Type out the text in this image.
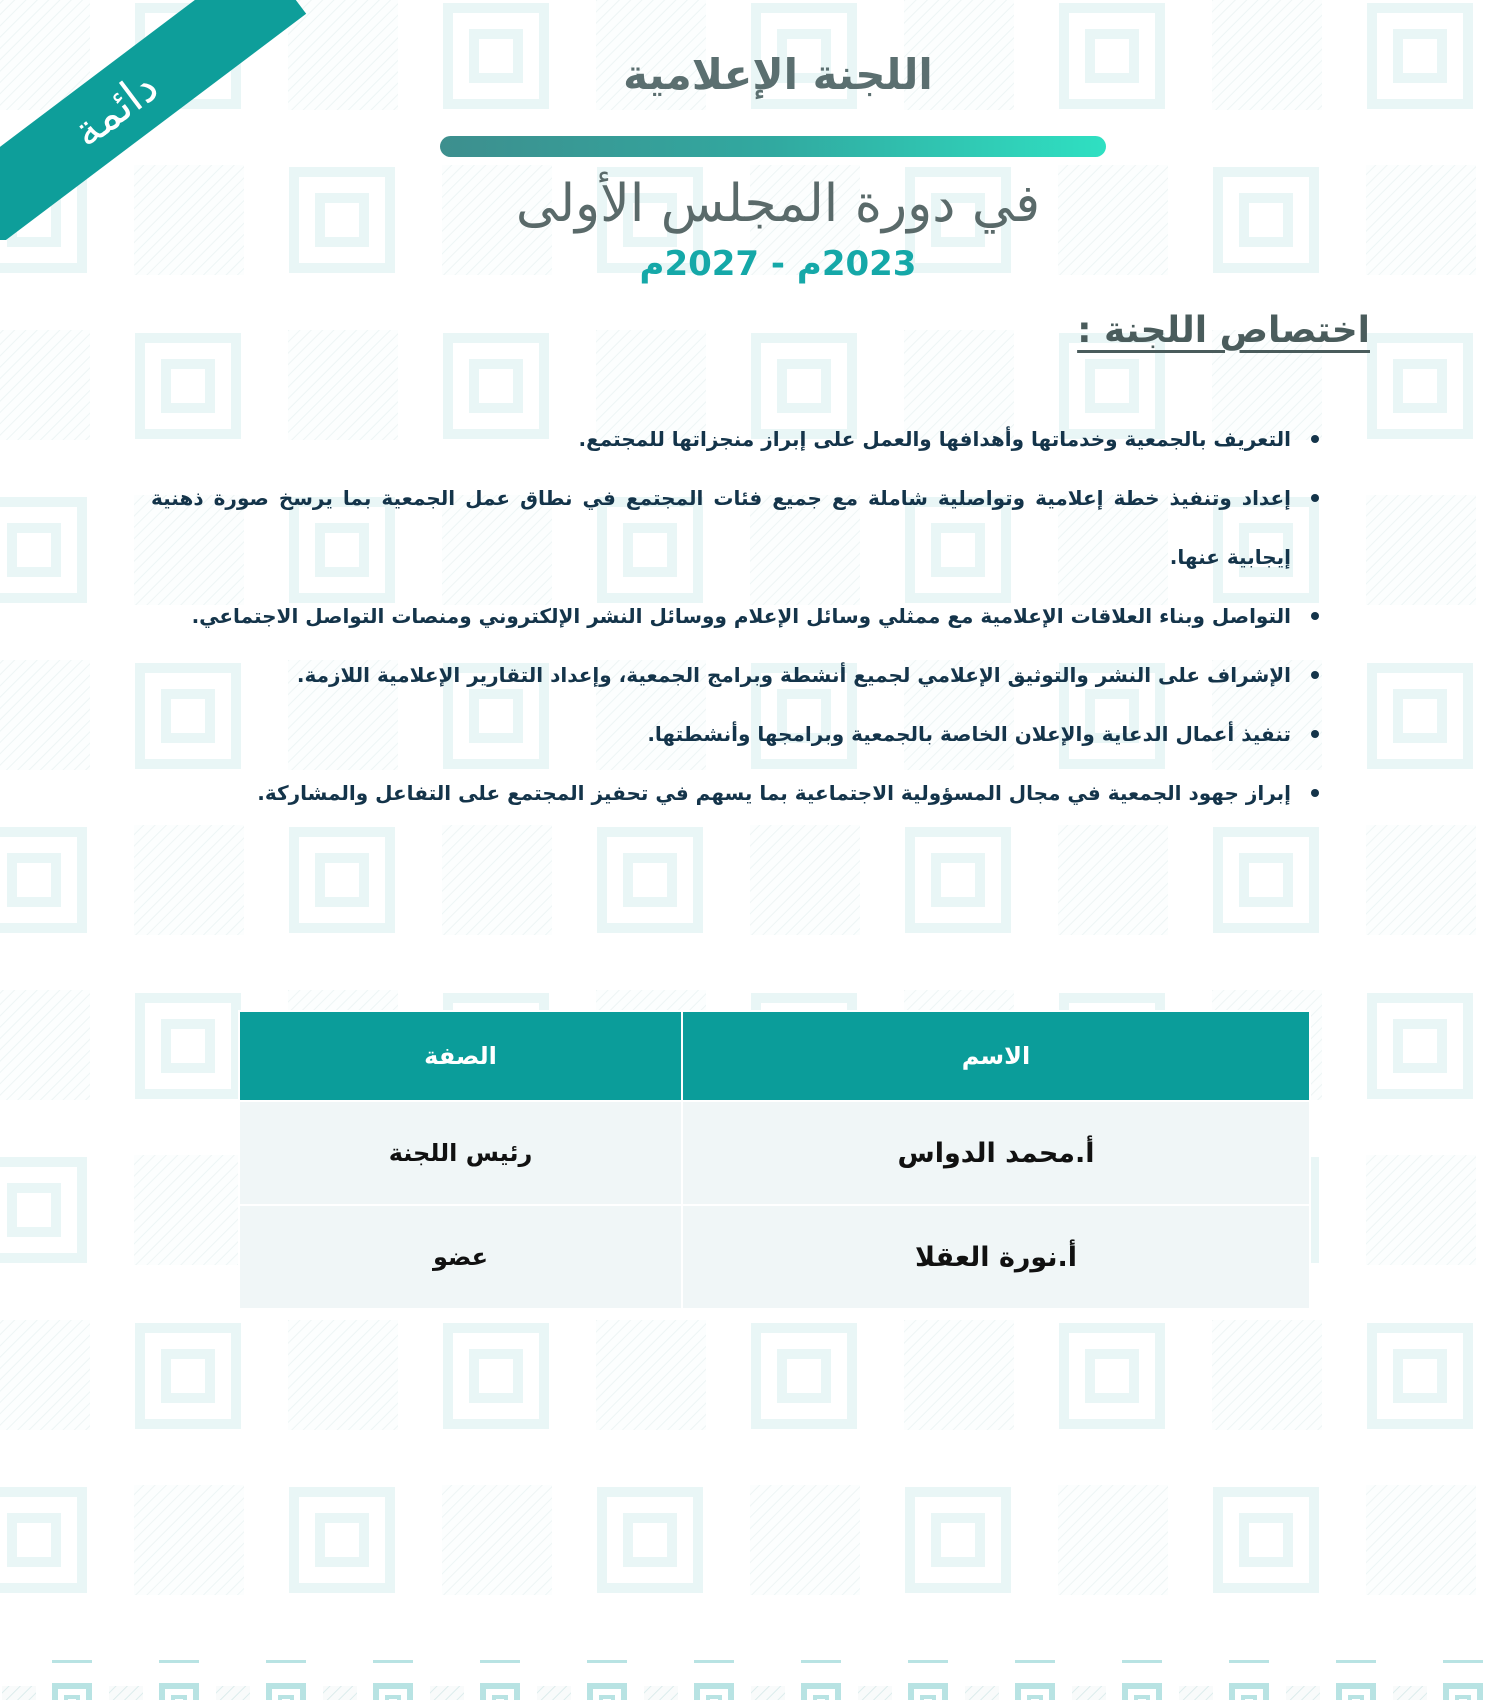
دائمة	اللجنة الإعلامية
في دورة المجلس الأولى
2023م - 2027م
اختصاص اللجنة :
التعريف بالجمعية وخدماتها وأهدافها والعمل على إبراز منجزاتها للمجتمع.
إعداد وتنفيذ خطة إعلامية وتواصلية شاملة مع جميع فئات المجتمع في نطاق عمل الجمعية بما يرسخ صورة ذهنية إيجابية عنها.
التواصل وبناء العلاقات الإعلامية مع ممثلي وسائل الإعلام ووسائل النشر الإلكتروني ومنصات التواصل الاجتماعي.
الإشراف على النشر والتوثيق الإعلامي لجميع أنشطة وبرامج الجمعية، وإعداد التقارير الإعلامية اللازمة.
تنفيذ أعمال الدعاية والإعلان الخاصة بالجمعية وبرامجها وأنشطتها.
إبراز جهود الجمعية في مجال المسؤولية الاجتماعية بما يسهم في تحفيز المجتمع على التفاعل والمشاركة.
الاسم	الصفة
أ.محمد الدواس	رئيس اللجنة
أ.نورة العقلا	عضو
